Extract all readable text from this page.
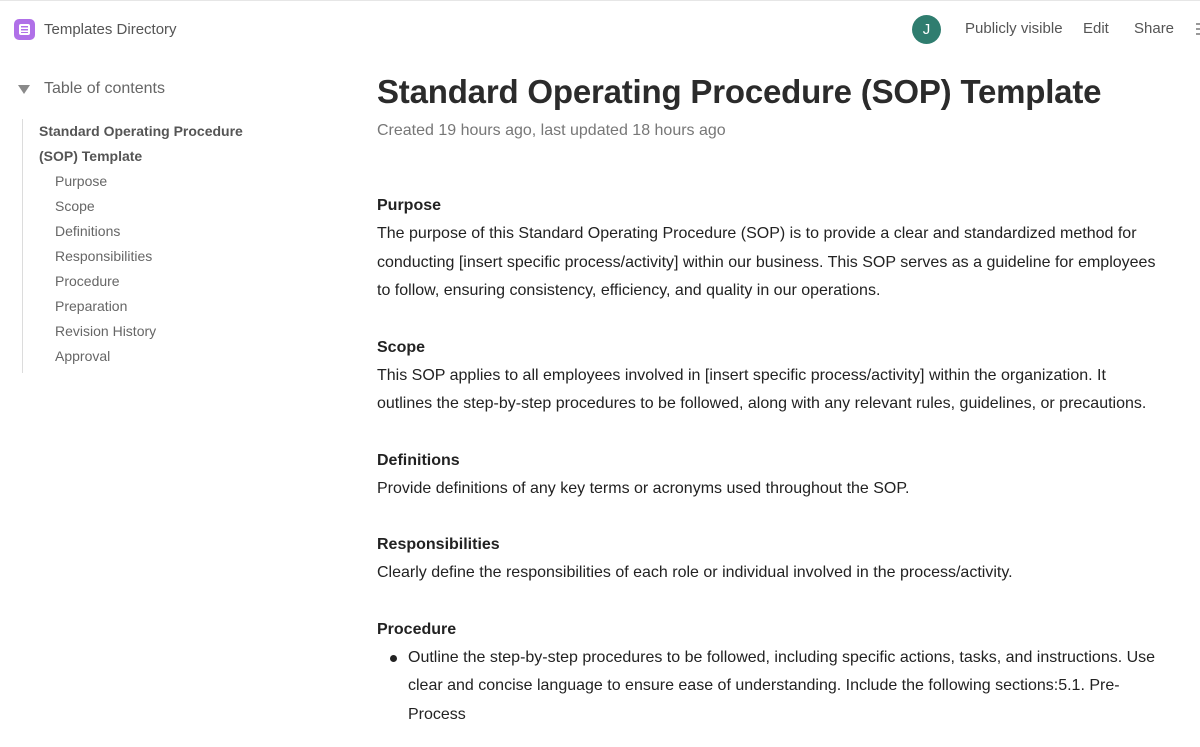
Templates Directory	J	Publicly visible Edit Share
Table of contents
Standard Operating Procedure
(SOP) Template
Purpose
Scope
Definitions
Responsibilities
Procedure
Preparation
Revision History
Approval
Standard Operating Procedure (SOP) Template
Created 19 hours ago, last updated 18 hours ago
Purpose
The purpose of this Standard Operating Procedure (SOP) is to provide a clear and standardized method for
conducting [insert specific process/activity] within our business. This SOP serves as a guideline for employees
to follow, ensuring consistency, efficiency, and quality in our operations.
Scope
This SOP applies to all employees involved in [insert specific process/activity] within the organization. It
outlines the step-by-step procedures to be followed, along with any relevant rules, guidelines, or precautions.
Definitions
Provide definitions of any key terms or acronyms used throughout the SOP.
Responsibilities
Clearly define the responsibilities of each role or individual involved in the process/activity.
Procedure
Outline the step-by-step procedures to be followed, including specific actions, tasks, and instructions. Use
clear and concise language to ensure ease of understanding. Include the following sections:5.1. Pre-
Process
